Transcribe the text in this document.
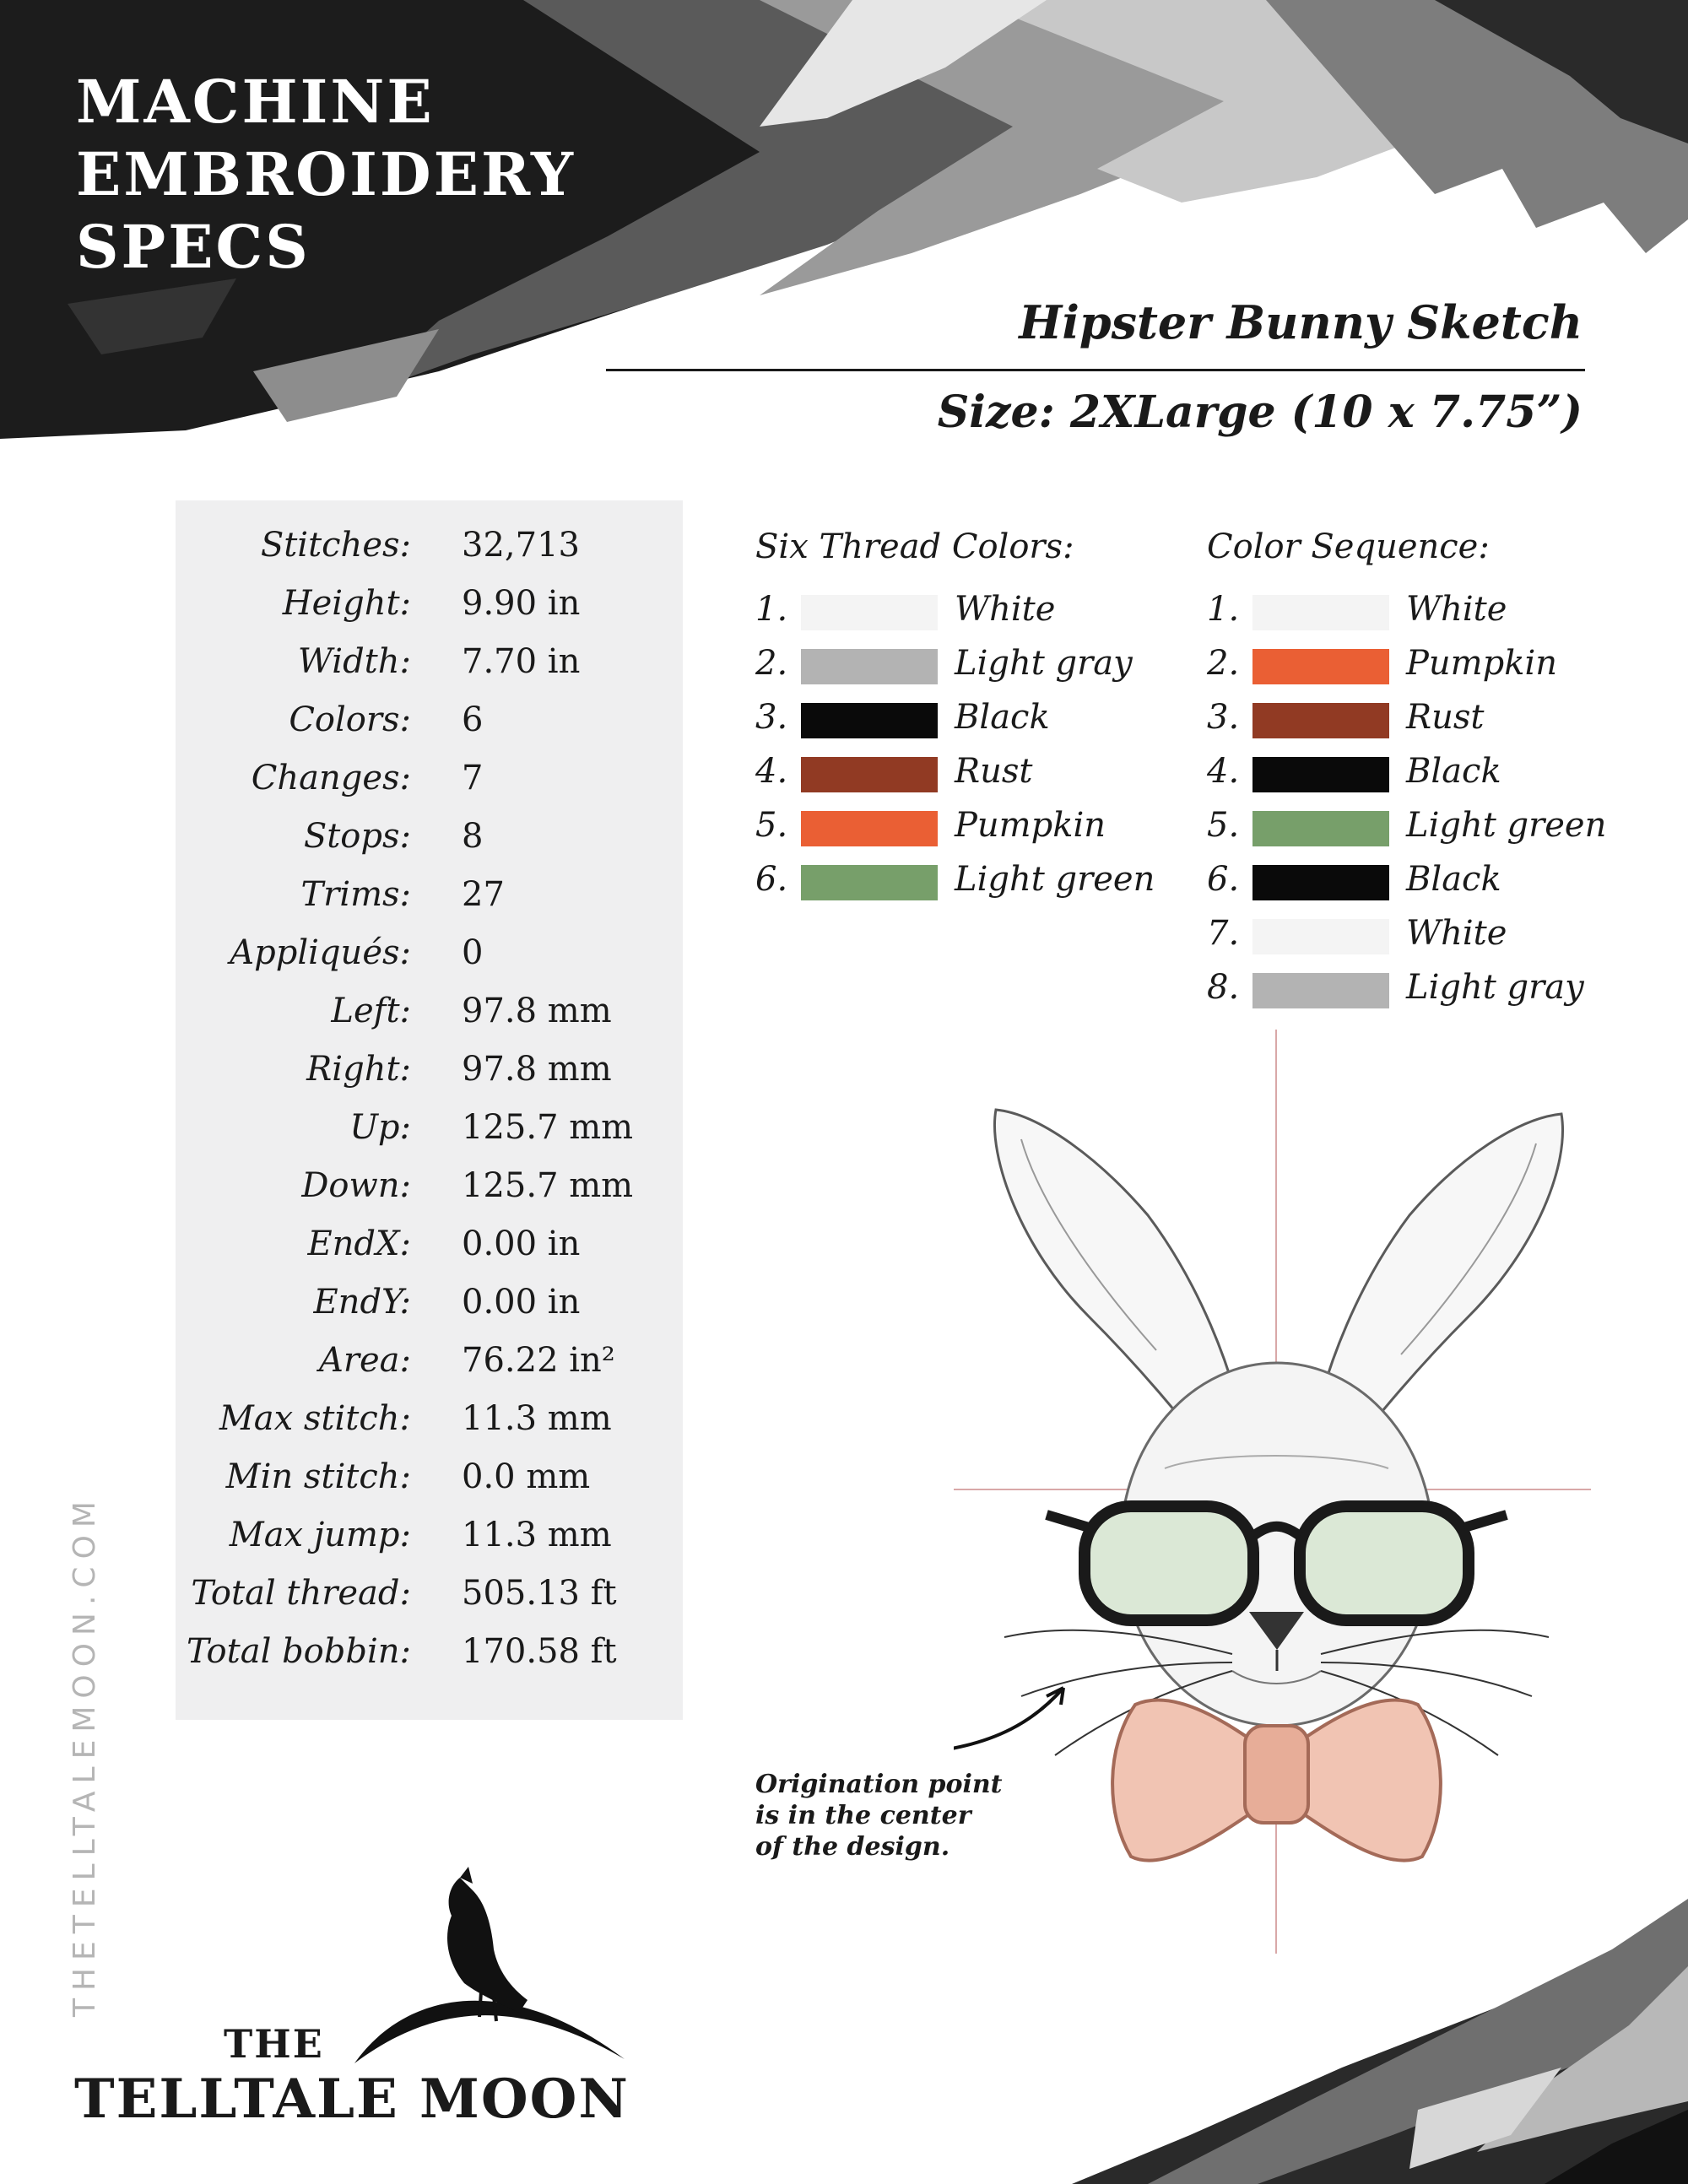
MACHINE
EMBROIDERY
SPECS
Hipster Bunny Sketch
Size: 2XLarge (10 x 7.75”)
Stitches: 32,713
Height: 9.90 in
Width: 7.70 in
Colors: 6
Changes: 7
Stops: 8
Trims: 27
Appliqués: 0
Left: 97.8 mm
Right: 97.8 mm
Up: 125.7 mm
Down: 125.7 mm
EndX: 0.00 in
EndY: 0.00 in
Area: 76.22 in²
Max stitch: 11.3 mm
Min stitch: 0.0 mm
Max jump: 11.3 mm
Total thread: 505.13 ft
Total bobbin: 170.58 ft
Six Thread Colors:
1.	White
2.	Light gray
3.	Black
4.	Rust
5.	Pumpkin
6.	Light green
Color Sequence:
1.	White
2.	Pumpkin
3.	Rust
4.	Black
5.	Light green
6.	Black
7.	White
8.	Light gray
Origination point
is in the center
of the design.
THETELLTALEMOON.COM
THE
TELLTALE MOON
